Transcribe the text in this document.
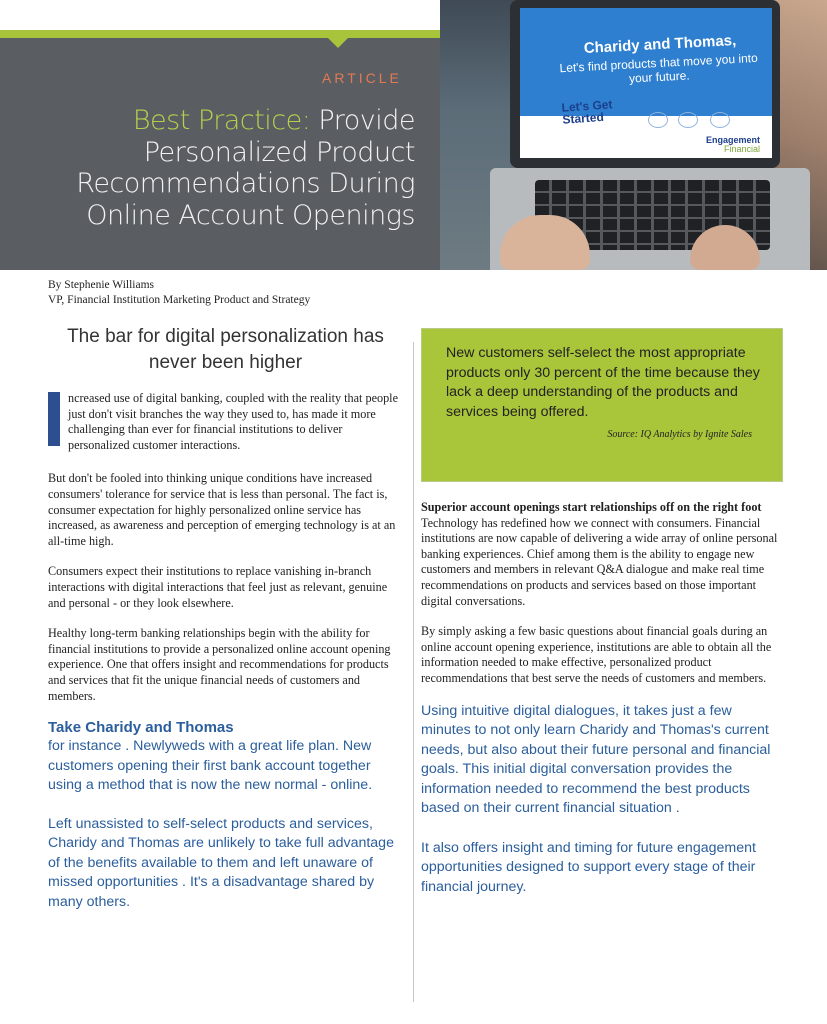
Charidy and Thomas,
Let's find products that move you into your future.
Let's Get
Started
Engagement
Financial
ARTICLE
Best Practice: Provide
Personalized Product
Recommendations During
Online Account Openings
By Stephenie Williams
VP, Financial Institution Marketing Product and Strategy
The bar for digital personalization has never been higher

ncreased use of digital banking, coupled with the reality that people just don't visit branches the way they used to, has made it more challenging than ever for financial institutions to deliver personalized customer interactions.

But don't be fooled into thinking unique conditions have increased consumers' tolerance for service that is less than personal. The fact is, consumer expectation for highly personalized online service has increased, as awareness and perception of emerging technology is at an all-time high.

Consumers expect their institutions to replace vanishing in-branch interactions with digital interactions that feel just as relevant, genuine and personal - or they look elsewhere.

Healthy long-term banking relationships begin with the ability for financial institutions to provide a personalized online account opening experience. One that offers insight and recommendations for products and services that fit the unique financial needs of customers and members.

Take Charidy and Thomas

for instance . Newlyweds with a great life plan. New customers opening their first bank account together using a method that is now the new normal - online.

Left unassisted to self-select products and services, Charidy and Thomas are unlikely to take full advantage of the benefits available to them and left unaware of missed opportunities . It's a disadvantage shared by many others.

New customers self-select the most appropriate products only 30 percent of the time because they lack a deep understanding of the products and services being offered.
Source: IQ Analytics by Ignite Sales
Superior account openings start relationships off on the right foot

Technology has redefined how we connect with consumers. Financial institutions are now capable of delivering a wide array of online personal banking experiences. Chief among them is the ability to engage new customers and members in relevant Q&A dialogue and make real time recommendations on products and services based on those important digital conversations.

By simply asking a few basic questions about financial goals during an online account opening experience, institutions are able to obtain all the information needed to make effective, personalized product recommendations that best serve the needs of customers and members.

Using intuitive digital dialogues, it takes just a few minutes to not only learn Charidy and Thomas's current needs, but also about their future personal and financial goals. This initial digital conversation provides the information needed to recommend the best products based on their current financial situation .

It also offers insight and timing for future engagement opportunities designed to support every stage of their financial journey.
